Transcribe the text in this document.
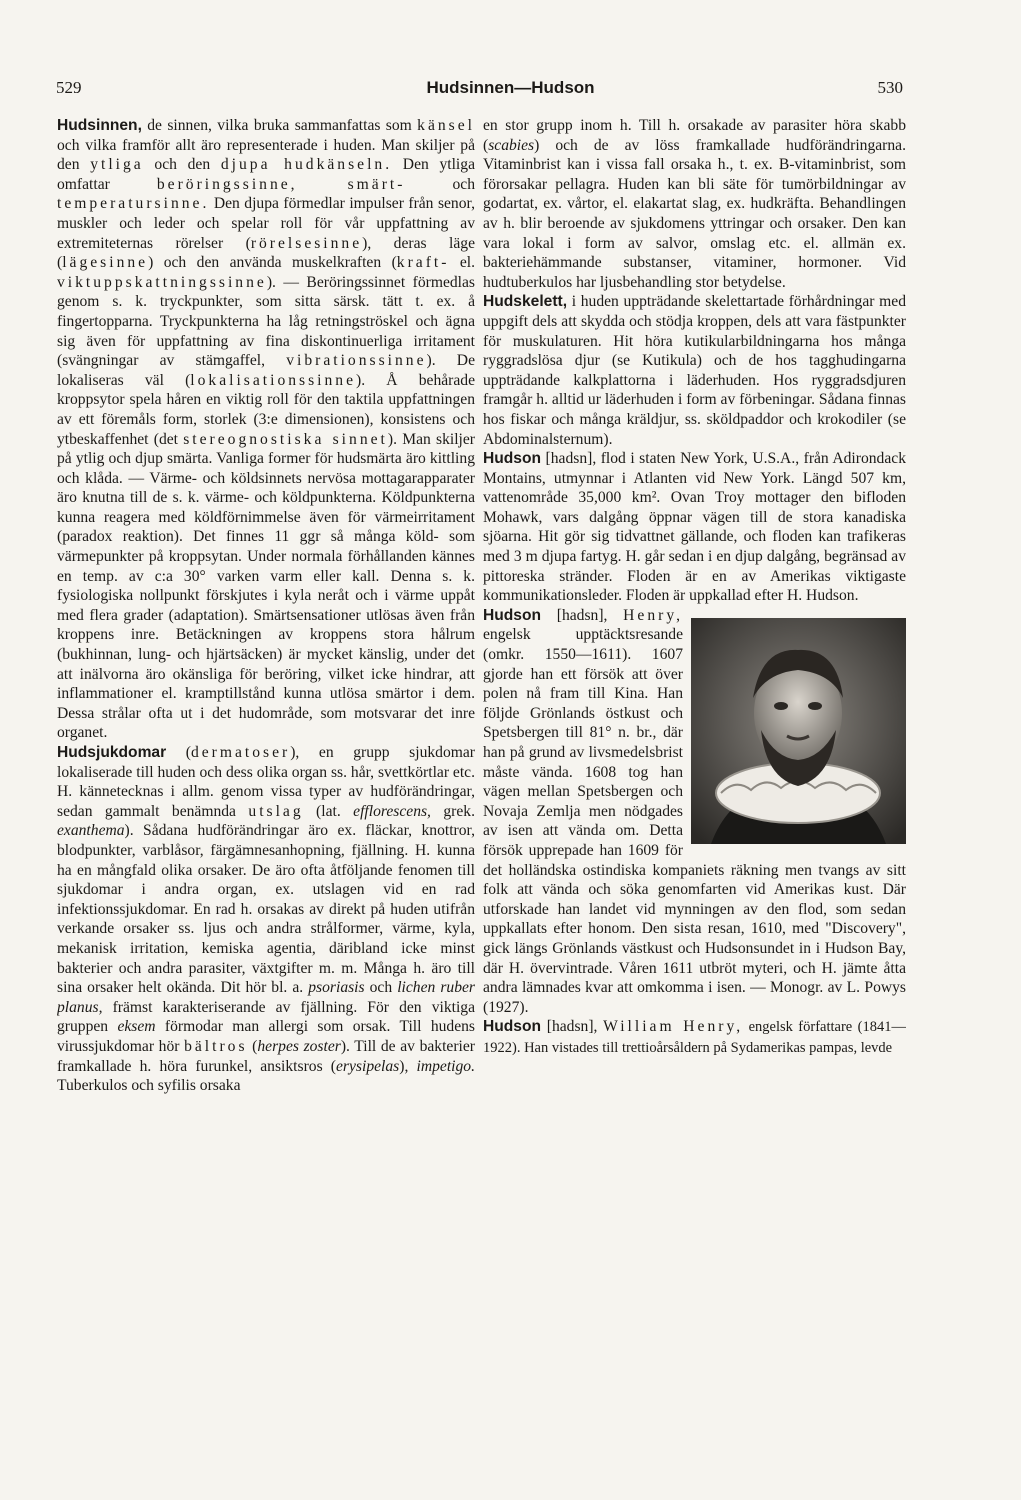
529	Hudsinnen—Hudson	530

Hudsinnen, de sinnen, vilka bruka sammanfattas som känsel och vilka framför allt äro representerade i huden. Man skiljer på den ytliga och den djupa hudkänseln. Den ytliga omfattar beröringssinne, smärt- och temperatursinne. Den djupa förmedlar impulser från senor, muskler och leder och spelar roll för vår uppfattning av extremiteternas rörelser (rörelsesinne), deras läge (lägesinne) och den använda muskelkraften (kraft- el. viktuppskattningssinne). — Beröringssinnet förmedlas genom s. k. tryckpunkter, som sitta särsk. tätt t. ex. å fingertopparna. Tryckpunkterna ha låg retningströskel och ägna sig även för uppfattning av fina diskontinuerliga irritament (svängningar av stämgaffel, vibrationssinne). De lokaliseras väl (lokalisationssinne). Å behårade kroppsytor spela håren en viktig roll för den taktila uppfattningen av ett föremåls form, storlek (3:e dimensionen), konsistens och ytbeskaffenhet (det stereognostiska sinnet). Man skiljer på ytlig och djup smärta. Vanliga former för hudsmärta äro kittling och klåda. — Värme- och köldsinnets nervösa mottagarapparater äro knutna till de s. k. värme- och köldpunkterna. Köldpunkterna kunna reagera med köldförnimmelse även för värmeirritament (paradox reaktion). Det finnes 11 ggr så många köld- som värmepunkter på kroppsytan. Under normala förhållanden kännes en temp. av c:a 30° varken varm eller kall. Denna s. k. fysiologiska nollpunkt förskjutes i kyla neråt och i värme uppåt med flera grader (adaptation). Smärtsensationer utlösas även från kroppens inre. Betäckningen av kroppens stora hålrum (bukhinnan, lung- och hjärtsäcken) är mycket känslig, under det att inälvorna äro okänsliga för beröring, vilket icke hindrar, att inflammationer el. kramptillstånd kunna utlösa smärtor i dem. Dessa strålar ofta ut i det hudområde, som motsvarar det inre organet.

Hudsjukdomar (dermatoser), en grupp sjukdomar lokaliserade till huden och dess olika organ ss. hår, svettkörtlar etc. H. kännetecknas i allm. genom vissa typer av hudförändringar, sedan gammalt benämnda utslag (lat. efflorescens, grek. exanthema). Sådana hudförändringar äro ex. fläckar, knottror, blodpunkter, varblåsor, färgämnesanhopning, fjällning. H. kunna ha en mångfald olika orsaker. De äro ofta åtföljande fenomen till sjukdomar i andra organ, ex. utslagen vid en rad infektionssjukdomar. En rad h. orsakas av direkt på huden utifrån verkande orsaker ss. ljus och andra strålformer, värme, kyla, mekanisk irritation, kemiska agentia, däribland icke minst bakterier och andra parasiter, växtgifter m. m. Många h. äro till sina orsaker helt okända. Dit hör bl. a. psoriasis och lichen ruber planus, främst karakteriserande av fjällning. För den viktiga gruppen eksem förmodar man allergi som orsak. Till hudens virussjukdomar hör bältros (herpes zoster). Till de av bakterier framkallade h. höra furunkel, ansiktsros (erysipelas), impetigo. Tuberkulos och syfilis orsaka

en stor grupp inom h. Till h. orsakade av parasiter höra skabb (scabies) och de av löss framkallade hudförändringarna. Vitaminbrist kan i vissa fall orsaka h., t. ex. B-vitaminbrist, som förorsakar pellagra. Huden kan bli säte för tumörbildningar av godartat, ex. vårtor, el. elakartat slag, ex. hudkräfta. Behandlingen av h. blir beroende av sjukdomens yttringar och orsaker. Den kan vara lokal i form av salvor, omslag etc. el. allmän ex. bakteriehämmande substanser, vitaminer, hormoner. Vid hudtuberkulos har ljusbehandling stor betydelse.

Hudskelett, i huden uppträdande skelettartade förhårdningar med uppgift dels att skydda och stödja kroppen, dels att vara fästpunkter för muskulaturen. Hit höra kutikularbildningarna hos många ryggradslösa djur (se Kutikula) och de hos tagghudingarna uppträdande kalkplattorna i läderhuden. Hos ryggradsdjuren framgår h. alltid ur läderhuden i form av förbeningar. Sådana finnas hos fiskar och många kräldjur, ss. sköldpaddor och krokodiler (se Abdominalsternum).

Hudson [hadsn], flod i staten New York, U.S.A., från Adirondack Montains, utmynnar i Atlanten vid New York. Längd 507 km, vattenområde 35,000 km². Ovan Troy mottager den bifloden Mohawk, vars dalgång öppnar vägen till de stora kanadiska sjöarna. Hit gör sig tidvattnet gällande, och floden kan trafikeras med 3 m djupa fartyg. H. går sedan i en djup dalgång, begränsad av pittoreska stränder. Floden är en av Amerikas viktigaste kommunikationsleder. Floden är uppkallad efter H. Hudson.

Hudson [hadsn], Henry,
engelsk upptäcktsresande (omkr. 1550—1611). 1607 gjorde han ett försök att över polen nå fram till Kina. Han följde Grönlands östkust och Spetsbergen till 81° n. br., där han på grund av livsmedelsbrist måste vända. 1608 tog han vägen mellan Spetsbergen och Novaja Zemlja men nödgades av isen att vända om. Detta försök upprepade han 1609 för det holländska ostindiska kompaniets räkning men tvangs av sitt folk att vända och söka genomfarten vid Amerikas kust. Där utforskade han landet vid mynningen av den flod, som sedan uppkallats efter honom. Den sista resan, 1610, med "Discovery", gick längs Grönlands västkust och Hudsonsundet in i Hudson Bay, där H. övervintrade. Våren 1611 utbröt myteri, och H. jämte åtta andra lämnades kvar att omkomma i isen. — Monogr. av L. Powys (1927).

Hudson [hadsn], William Henry, engelsk författare (1841—1922). Han vistades till trettioårsåldern på Sydamerikas pampas, levde
